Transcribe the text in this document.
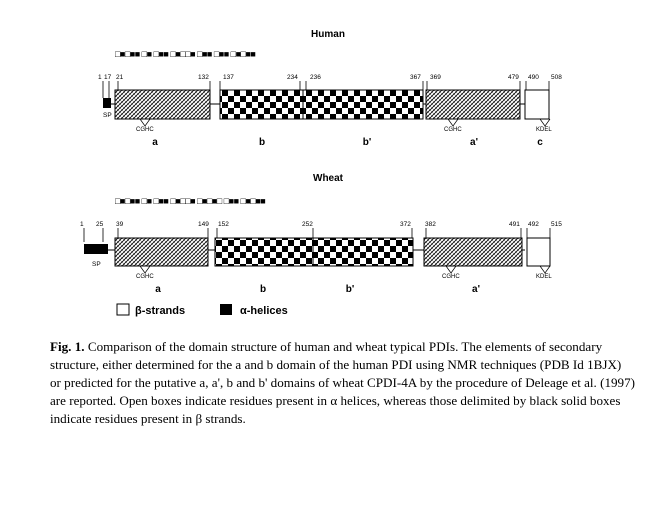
Human
□■□■■ □■ □■■ □■□□■ □■■ □■■ □■□■■
1 17 21	132 137	234 236	367 369	479 490 508
SP
CGHC	CGHC	KDEL
a	b	b'	a'	c
Wheat
□■□■■ □■ □■■ □■□□■ □■□■□ □■■ □■□■■
1 25 39	149 152	252	372 382	491 492 515
SP
CGHC	CGHC	KDEL
a	b	b'	a'
β-strands	α-helices

Fig. 1. Comparison of the domain structure of human and wheat typical PDIs. The elements of secondary structure, either determined for the a and b domain of the human PDI using NMR techniques (PDB Id 1BJX) or predicted for the putative a, a', b and b' domains of wheat CPDI-4A by the procedure of Deleage et al. (1997) are reported. Open boxes indicate residues present in α helices, whereas those delimited by black solid boxes indicate residues present in β strands.
